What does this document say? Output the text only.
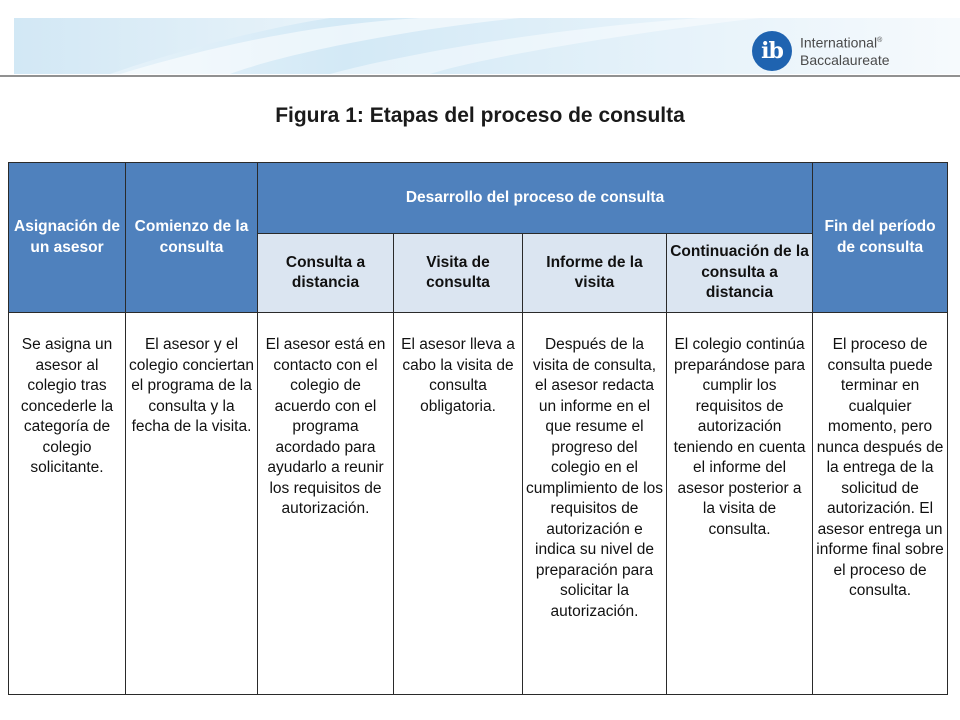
ib	International®
Baccalaureate
Figura 1: Etapas del proceso de consulta
Asignación de un asesor	Comienzo de la consulta	Desarrollo del proceso de consulta				Fin del período de consulta
		Consulta a distancia	Visita de consulta	Informe de la visita	Continuación de la consulta a distancia	
Se asigna un asesor al colegio tras concederle la categoría de colegio solicitante.	El asesor y el colegio conciertan el programa de la consulta y la fecha de la visita.	El asesor está en contacto con el colegio de acuerdo con el programa acordado para ayudarlo a reunir los requisitos de autorización.	El asesor lleva a cabo la visita de consulta obligatoria.	Después de la visita de consulta, el asesor redacta un informe en el que resume el progreso del colegio en el cumplimiento de los requisitos de autorización e indica su nivel de preparación para solicitar la autorización.	El colegio continúa preparándose para cumplir los requisitos de autorización teniendo en cuenta el informe del asesor posterior a la visita de consulta.	El proceso de consulta puede terminar en cualquier momento, pero nunca después de la entrega de la solicitud de autorización. El asesor entrega un informe final sobre el proceso de consulta.
